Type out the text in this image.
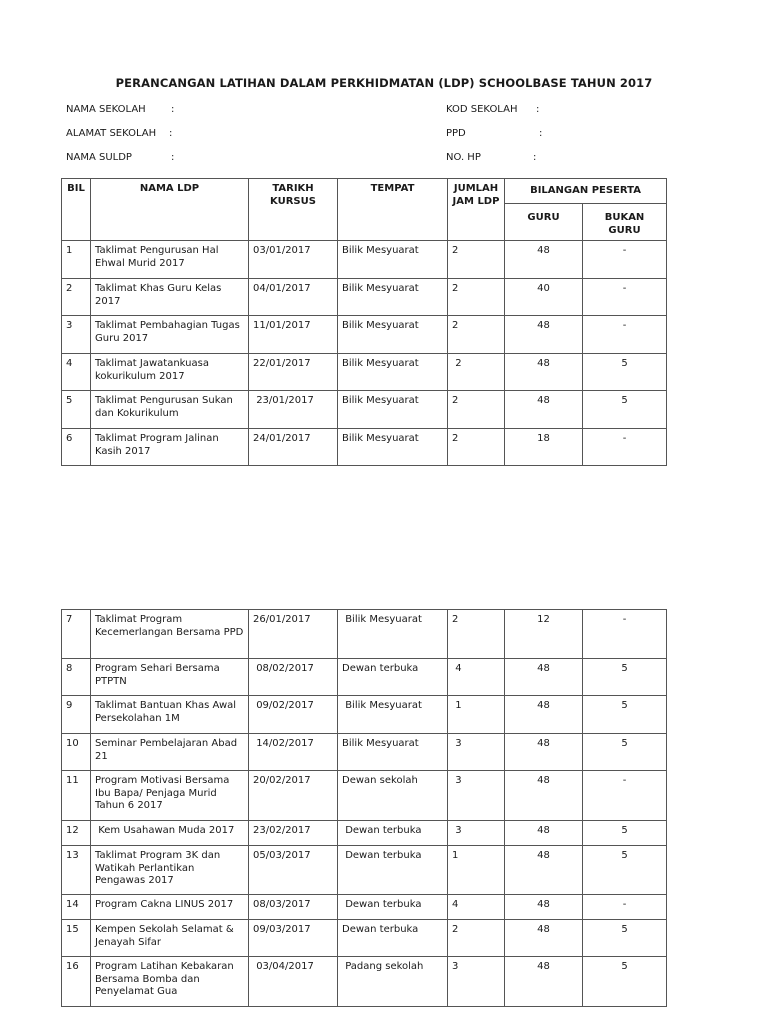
PERANCANGAN LATIHAN DALAM PERKHIDMATAN (LDP) SCHOOLBASE TAHUN 2017
NAMA SEKOLAH	:
ALAMAT SEKOLAH :
NAMA SULDP	:
KOD SEKOLAH :
PPD	:
NO. HP	:
BIL	NAMA LDP	TARIKH KURSUS	TEMPAT	JUMLAH JAM LDP	BILANGAN PESERTA	

					GURU	BUKAN GURU

1	Taklimat Pengurusan Hal Ehwal Murid 2017	03/01/2017	Bilik Mesyuarat	2	48	-

2	Taklimat Khas Guru Kelas 2017	04/01/2017	Bilik Mesyuarat	2	40	-

3	Taklimat Pembahagian Tugas Guru 2017	11/01/2017	Bilik Mesyuarat	2	48	-

4	Taklimat Jawatankuasa kokurikulum 2017	22/01/2017	Bilik Mesyuarat	2	48	5

5	Taklimat Pengurusan Sukan dan Kokurikulum	23/01/2017	Bilik Mesyuarat	2	48	5

6	Taklimat Program Jalinan Kasih 2017	24/01/2017	Bilik Mesyuarat	2	18	-
7	Taklimat Program Kecemerlangan Bersama PPD	26/01/2017	Bilik Mesyuarat	2	12	-

8	Program Sehari Bersama PTPTN	08/02/2017	Dewan terbuka	4	48	5

9	Taklimat Bantuan Khas Awal Persekolahan 1M	09/02/2017	Bilik Mesyuarat	1	48	5

10	Seminar Pembelajaran Abad 21	14/02/2017	Bilik Mesyuarat	3	48	5

11	Program Motivasi Bersama Ibu Bapa/ Penjaga Murid Tahun 6 2017	20/02/2017	Dewan sekolah	3	48	-

12	Kem Usahawan Muda 2017	23/02/2017	Dewan terbuka	3	48	5

13	Taklimat Program 3K dan Watikah Perlantikan Pengawas 2017	05/03/2017	Dewan terbuka	1	48	5

14	Program Cakna LINUS 2017	08/03/2017	Dewan terbuka	4	48	-

15	Kempen Sekolah Selamat & Jenayah Sifar	09/03/2017	Dewan terbuka	2	48	5

16	Program Latihan Kebakaran Bersama Bomba dan Penyelamat Gua	03/04/2017	Padang sekolah	3	48	5
